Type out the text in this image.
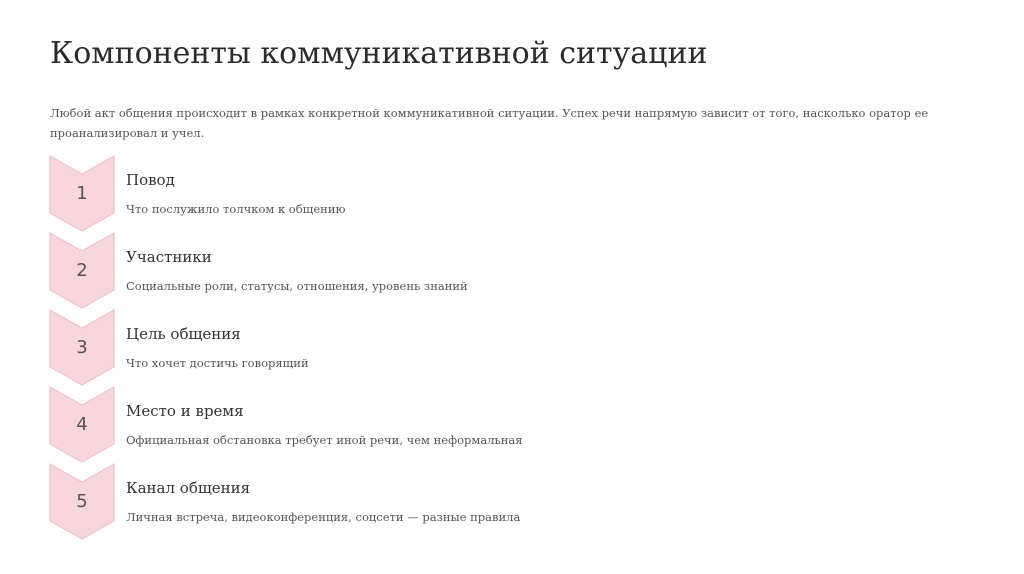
Компоненты коммуникативной ситуации

Любой акт общения происходит в рамках конкретной коммуникативной ситуации. Успех речи напрямую зависит от того, насколько оратор ее проанализировал и учел.

1
Повод

Что послужило толчком к общению

2
Участники

Социальные роли, статусы, отношения, уровень знаний

3
Цель общения

Что хочет достичь говорящий

4
Место и время

Официальная обстановка требует иной речи, чем неформальная

5
Канал общения

Личная встреча, видеоконференция, соцсети — разные правила
